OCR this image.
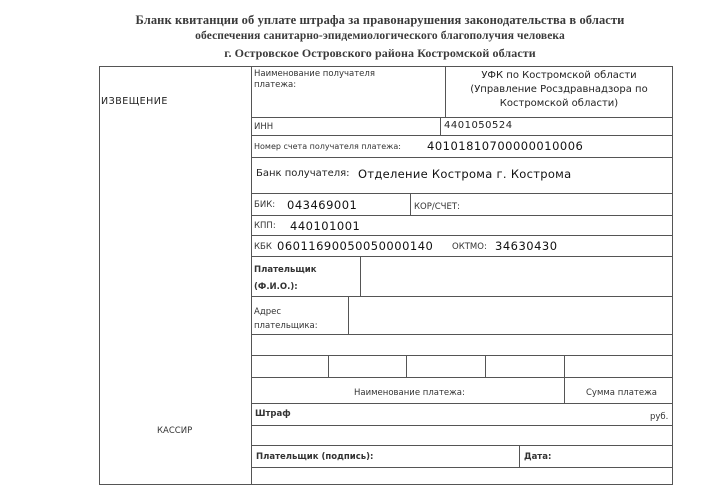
Бланк квитанции об уплате штрафа за правонарушения законодательства в области
обеспечения санитарно-эпидемиологического благополучия человека
г. Островское Островского района Костромской области
ИЗВЕЩЕНИЕ
КАССИР
Наименование получателя
платежа:
УФК по Костромской области
(Управление Росздравнадзора по
Костромской области)
ИНН	4401050524
Номер счета получателя платежа: 40101810700000010006
Банк получателя: Отделение Кострома г. Кострома
БИК: 043469001	КОР/СЧЕТ:
КПП: 440101001
КБК 06011690050050000140 ОКТМО: 34630430
Плательщик
(Ф.И.О.):
Адрес
плательщика:
Наименование платежа:	Сумма платежа
Штраф	руб.
Плательщик (подпись):	Дата:
